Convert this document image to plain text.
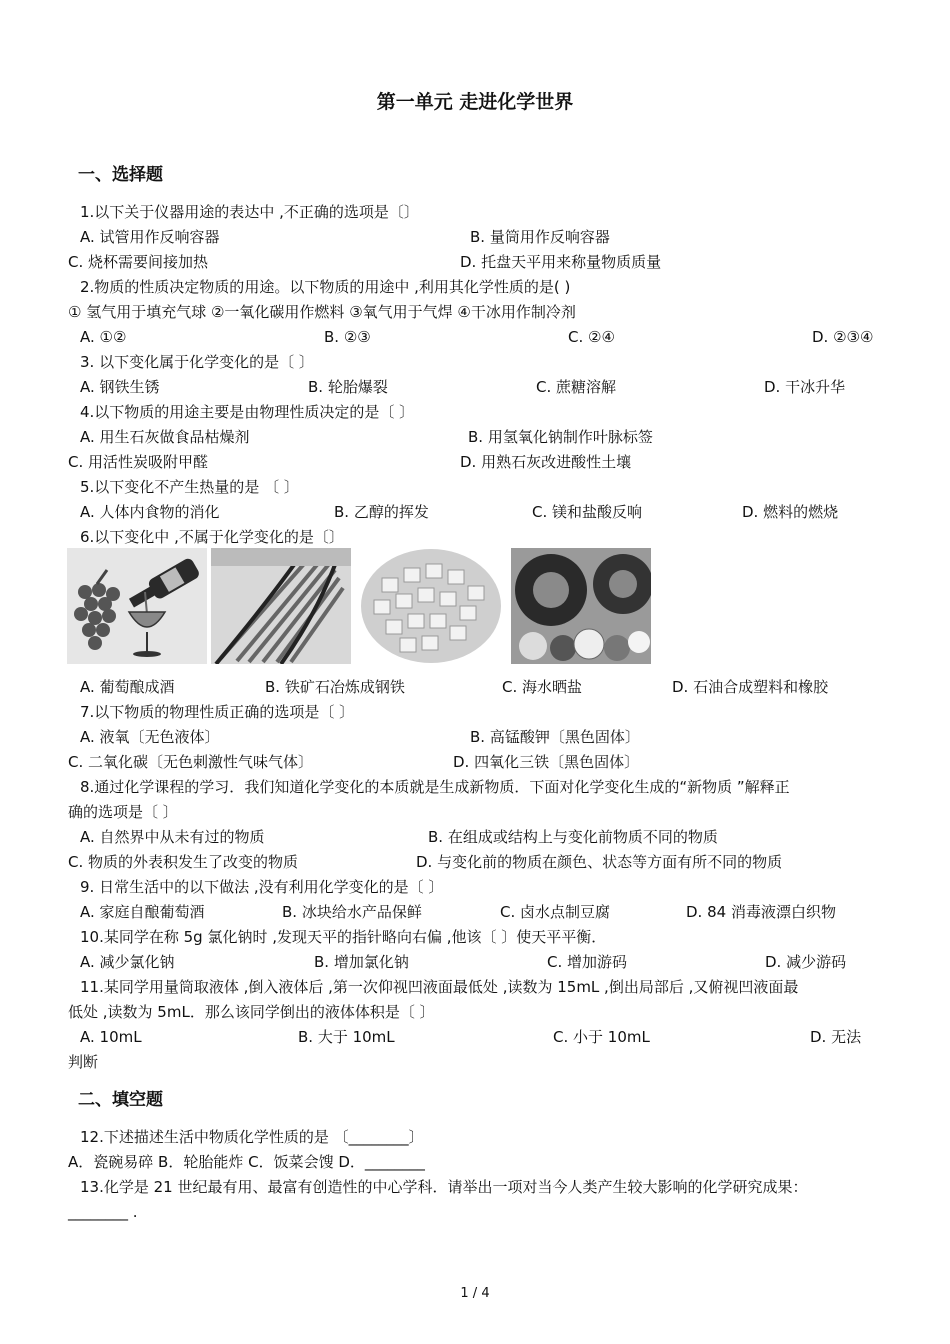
第一单元 走进化学世界
一、选择题
1.以下关于仪器用途的表达中 ,不正确的选项是〔〕
A. 试管用作反响容器	B. 量筒用作反响容器
C. 烧杯需要间接加热	D. 托盘天平用来称量物质质量
2.物质的性质决定物质的用途。以下物质的用途中 ,利用其化学性质的是( )
① 氢气用于填充气球 ②一氧化碳用作燃料 ③氧气用于气焊 ④干冰用作制冷剂
A. ①②	B. ②③	C. ②④	D. ②③④
3. 以下变化属于化学变化的是〔 〕
A. 钢铁生锈	B. 轮胎爆裂	C. 蔗糖溶解	D. 干冰升华
4.以下物质的用途主要是由物理性质决定的是〔 〕
A. 用生石灰做食品枯燥剂	B. 用氢氧化钠制作叶脉标签
C. 用活性炭吸附甲醛	D. 用熟石灰改进酸性土壤
5.以下变化不产生热量的是 〔 〕
A. 人体内食物的消化	B. 乙醇的挥发	C. 镁和盐酸反响	D. 燃料的燃烧
6.以下变化中 ,不属于化学变化的是〔〕
A. 葡萄酿成酒	B. 铁矿石冶炼成钢铁	C. 海水晒盐	D. 石油合成塑料和橡胶
7.以下物质的物理性质正确的选项是〔 〕
A. 液氧〔无色液体〕	B. 高锰酸钾〔黑色固体〕
C. 二氧化碳〔无色刺激性气味气体〕	D. 四氧化三铁〔黑色固体〕
8.通过化学课程的学习．我们知道化学变化的本质就是生成新物质．下面对化学变化生成的“新物质 ”解释正
确的选项是〔 〕
A. 自然界中从未有过的物质	B. 在组成或结构上与变化前物质不同的物质
C. 物质的外表积发生了改变的物质	D. 与变化前的物质在颜色、状态等方面有所不同的物质
9. 日常生活中的以下做法 ,没有利用化学变化的是〔 〕
A. 家庭自酿葡萄酒	B. 冰块给水产品保鲜	C. 卤水点制豆腐	D. 84 消毒液漂白织物
10.某同学在称 5g 氯化钠时 ,发现天平的指针略向右偏 ,他该〔 〕使天平平衡．
A. 减少氯化钠	B. 增加氯化钠	C. 增加游码	D. 减少游码
11.某同学用量筒取液体 ,倒入液体后 ,第一次仰视凹液面最低处 ,读数为 15mL ,倒出局部后 ,又俯视凹液面最
低处 ,读数为 5mL．那么该同学倒出的液体体积是〔 〕
A. 10mL	B. 大于 10mL	C. 小于 10mL	D. 无法
判断
二、填空题
12.下述描述生活中物质化学性质的是 〔________〕
A．瓷碗易碎 B．轮胎能炸 C．饭菜会馊 D．________
13.化学是 21 世纪最有用、最富有创造性的中心学科．请举出一项对当今人类产生较大影响的化学研究成果：
________ .
1 / 4
